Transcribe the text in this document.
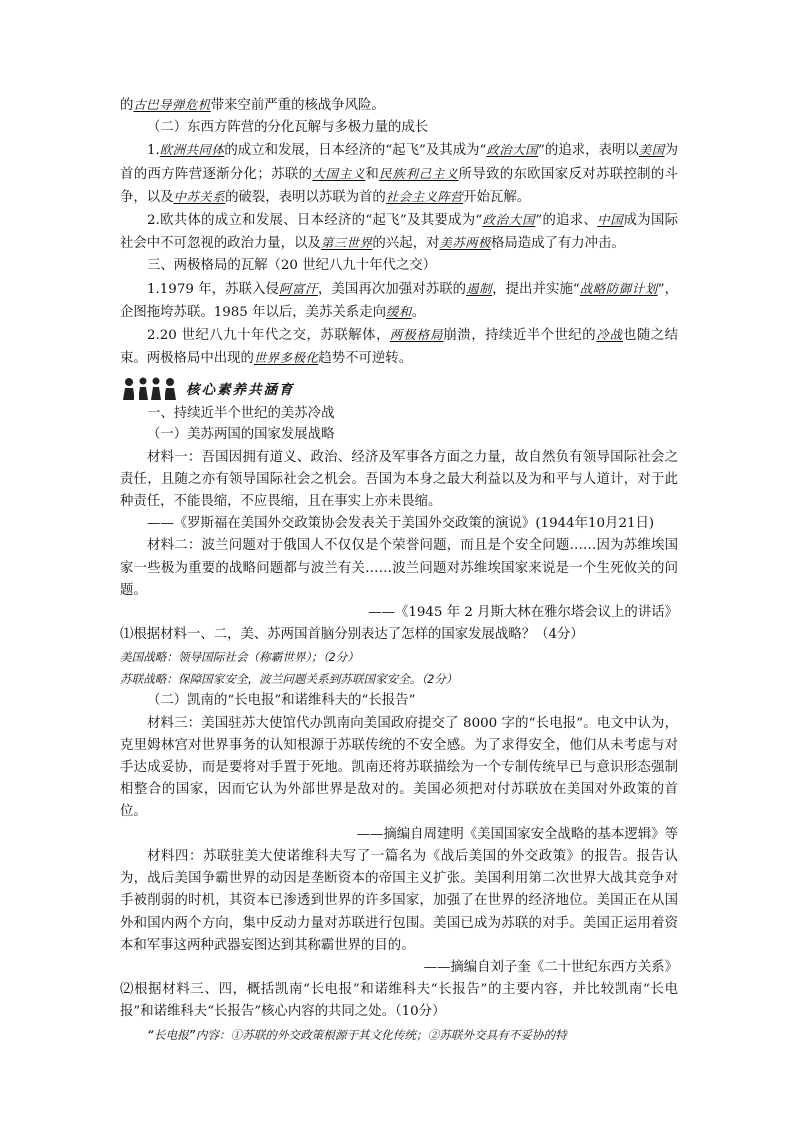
的古巴导弹危机带来空前严重的核战争风险。

（二）东西方阵营的分化瓦解与多极力量的成长

1.欧洲共同体的成立和发展，日本经济的“起飞”及其成为“政治大国”的追求，表明以美国为首的西方阵营逐渐分化；苏联的大国主义和民族利己主义所导致的东欧国家反对苏联控制的斗争，以及中苏关系的破裂，表明以苏联为首的社会主义阵营开始瓦解。

2.欧共体的成立和发展、日本经济的“起飞”及其要成为“政治大国”的追求、中国成为国际社会中不可忽视的政治力量，以及第三世界的兴起，对美苏两极格局造成了有力冲击。

三、两极格局的瓦解（20 世纪八九十年代之交）

1.1979 年，苏联入侵阿富汗，美国再次加强对苏联的遏制，提出并实施“战略防御计划”，企图拖垮苏联。1985 年以后，美苏关系走向缓和。

2.20 世纪八九十年代之交，苏联解体，两极格局崩溃，持续近半个世纪的冷战也随之结束。两极格局中出现的世界多极化趋势不可逆转。

核心素养共涵育

一、持续近半个世纪的美苏冷战

（一）美苏两国的国家发展战略

材料一：吾国因拥有道义、政治、经济及军事各方面之力量，故自然负有领导国际社会之责任，且随之亦有领导国际社会之机会。吾国为本身之最大利益以及为和平与人道计，对于此种责任，不能畏缩，不应畏缩，且在事实上亦未畏缩。

——《罗斯福在美国外交政策协会发表关于美国外交政策的演说》(1944年10月21日)

材料二：波兰问题对于俄国人不仅仅是个荣誉问题，而且是个安全问题……因为苏维埃国家一些极为重要的战略问题都与波兰有关……波兰问题对苏维埃国家来说是一个生死攸关的问题。

——《1945 年 2 月斯大林在雅尔塔会议上的讲话》

⑴根据材料一、二，美、苏两国首脑分别表达了怎样的国家发展战略？（4分）

美国战略：领导国际社会（称霸世界）；（2分）

苏联战略：保障国家安全，波兰问题关系到苏联国家安全。（2分）

（二）凯南的“长电报”和诺维科夫的“长报告”

材料三：美国驻苏大使馆代办凯南向美国政府提交了 8000 字的“长电报”。电文中认为，克里姆林宫对世界事务的认知根源于苏联传统的不安全感。为了求得安全，他们从未考虑与对手达成妥协，而是要将对手置于死地。凯南还将苏联描绘为一个专制传统早已与意识形态强制相整合的国家，因而它认为外部世界是敌对的。美国必须把对付苏联放在美国对外政策的首位。

——摘编自周建明《美国国家安全战略的基本逻辑》等

材料四：苏联驻美大使诺维科夫写了一篇名为《战后美国的外交政策》的报告。报告认为，战后美国争霸世界的动因是垄断资本的帝国主义扩张。美国利用第二次世界大战其竞争对手被削弱的时机，其资本已渗透到世界的许多国家，加强了在世界的经济地位。美国正在从国外和国内两个方向，集中反动力量对苏联进行包围。美国已成为苏联的对手。美国正运用着资本和军事这两种武器妄图达到其称霸世界的目的。

——摘编自刘子奎《二十世纪东西方关系》

⑵根据材料三、四，概括凯南“长电报”和诺维科夫“长报告”的主要内容，并比较凯南“长电报”和诺维科夫“长报告”核心内容的共同之处。（10分）

“长电报”内容：①苏联的外交政策根源于其文化传统；②苏联外交具有不妥协的特
